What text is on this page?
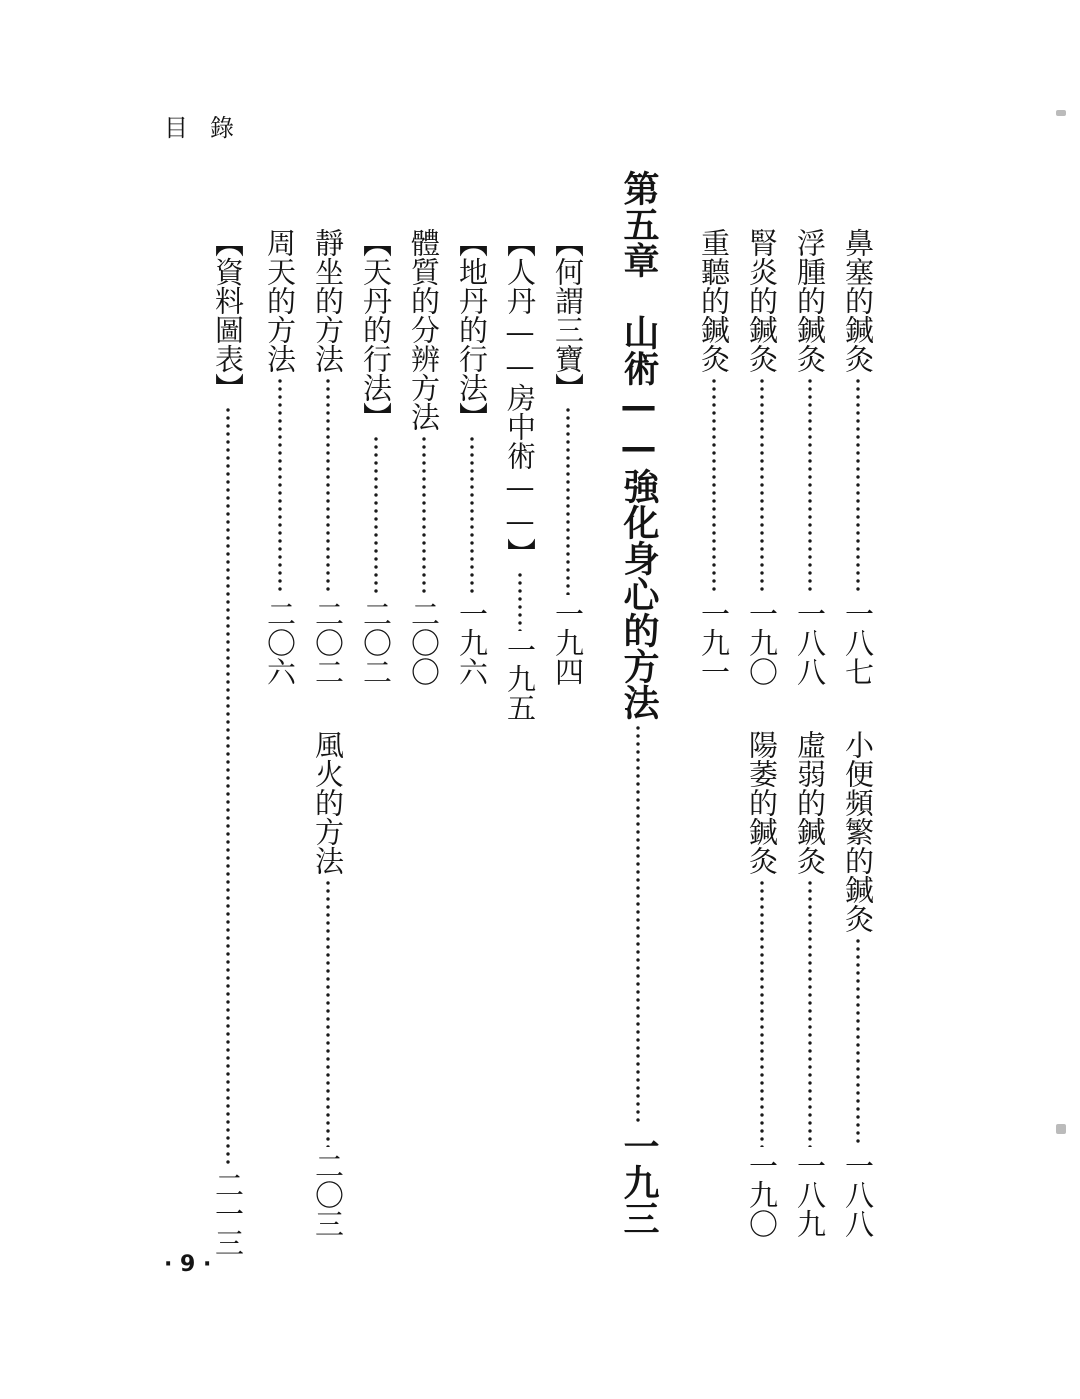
目錄
鼻塞的鍼灸一八七
浮腫的鍼灸一八八
腎炎的鍼灸一九〇
重聽的鍼灸一九一
第五章　山術——強化身心的方法一九三
【何謂三寶】一九四
【人丹——房中術——】一九五
【地丹的行法】一九六
體質的分辨方法二〇〇
【天丹的行法】二〇二
靜坐的方法二〇二
周天的方法二〇六
【資料圖表】二一三
小便頻繁的鍼灸一八八
虛弱的鍼灸一八九
陽萎的鍼灸一九〇
風火的方法二〇三
· 9 ·
